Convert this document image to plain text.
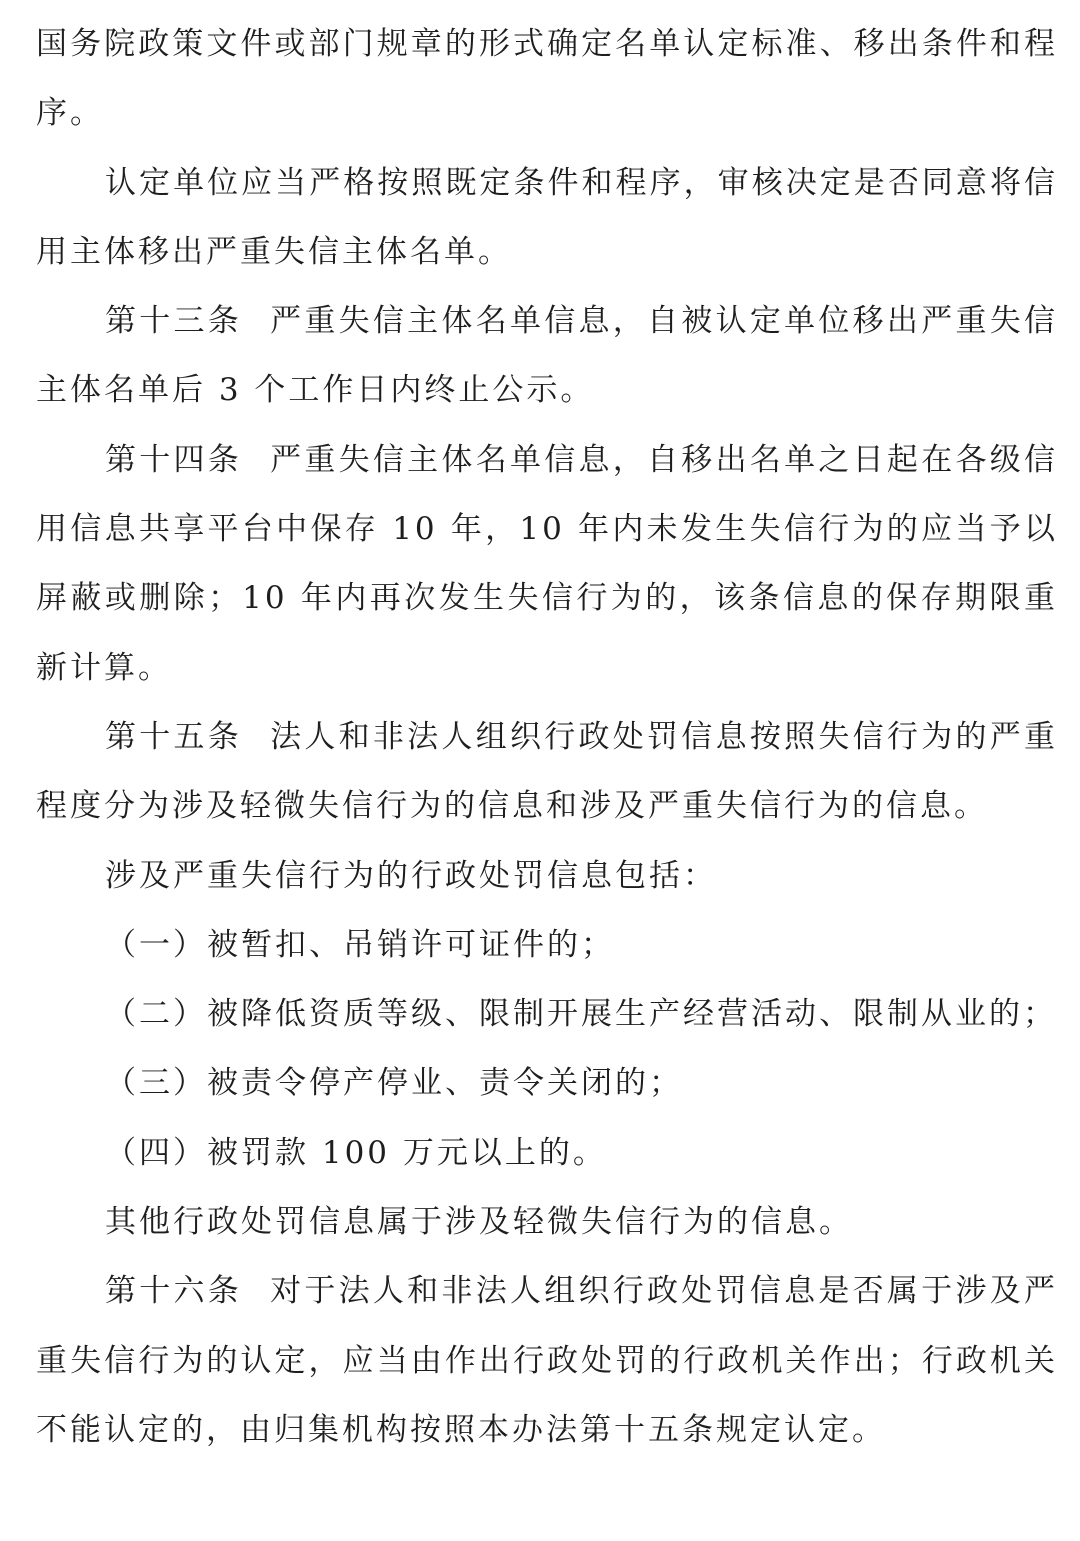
国务院政策文件或部门规章的形式确定名单认定标准、移出条件和程序。

认定单位应当严格按照既定条件和程序，审核决定是否同意将信用主体移出严重失信主体名单。

第十三条 严重失信主体名单信息，自被认定单位移出严重失信主体名单后 3 个工作日内终止公示。

第十四条 严重失信主体名单信息，自移出名单之日起在各级信用信息共享平台中保存 10 年，10 年内未发生失信行为的应当予以屏蔽或删除；10 年内再次发生失信行为的，该条信息的保存期限重新计算。

第十五条 法人和非法人组织行政处罚信息按照失信行为的严重程度分为涉及轻微失信行为的信息和涉及严重失信行为的信息。

涉及严重失信行为的行政处罚信息包括：

（一）被暂扣、吊销许可证件的；

（二）被降低资质等级、限制开展生产经营活动、限制从业的；

（三）被责令停产停业、责令关闭的；

（四）被罚款 100 万元以上的。

其他行政处罚信息属于涉及轻微失信行为的信息。

第十六条 对于法人和非法人组织行政处罚信息是否属于涉及严重失信行为的认定，应当由作出行政处罚的行政机关作出；行政机关不能认定的，由归集机构按照本办法第十五条规定认定。
